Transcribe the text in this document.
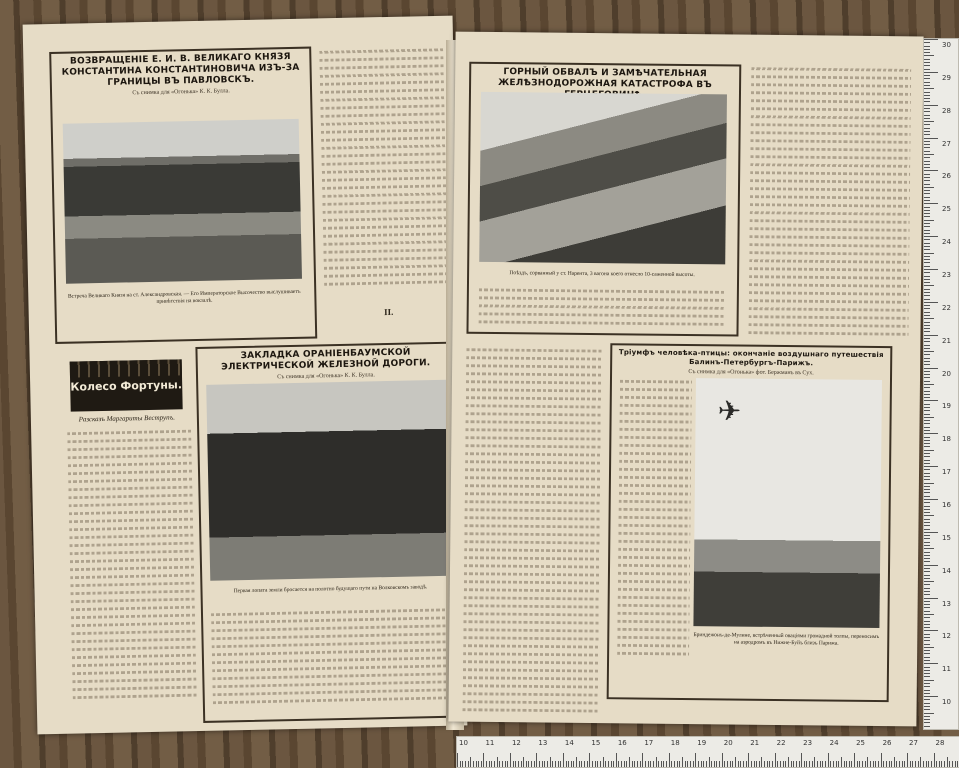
ВОЗВРАЩЕНІЕ Е. И. В. ВЕЛИКАГО КНЯЗЯ КОНСТАНТИНА КОНСТАНТИНОВИЧА ИЗЪ-ЗА ГРАНИЦЫ ВЪ ПАВЛОВСКЪ.
Съ снимка для «Огонька» К. К. Булла.
Встреча Великаго Князя на ст. Александровская. — Его Императорское Высочество выслушиваетъ привѣтствія на вокзалѣ.
II.
Колесо Фортуны.
Разсказъ Маргариты Веструпъ.
ЗАКЛАДКА ОРАНІЕНБАУМСКОЙ ЭЛЕКТРИЧЕСКОЙ ЖЕЛЕЗНОЙ ДОРОГИ.
Съ снимка для «Огонька» К. К. Булла.
Первая лопата земли бросается на полотно будущаго пути на Волковскомъ заводѣ.
ГОРНЫЙ ОБВАЛЪ И ЗАМѢЧАТЕЛЬНАЯ ЖЕЛѢЗНОДОРОЖНАЯ КАТАСТРОФА ВЪ
Поѣздъ, сорванный у ст. Нарента, 3 вагона коего отнесло 10-саженной высоты.
Тріумфъ человѣка-птицы: окончаніе воздушнаго путешествія Балинъ-Петербургъ-Парижъ.
Съ снимка для «Огонька» фот. Бержманъ въ Сух.
✈
Бриндежонъ-де-Мулине, встрѣченный овацiями громадной толпы, переносимъ на аэродромъ въ Нижне-Буйъ близъ Парижа.
30
29
28
27
26
25
24
23
22
21
20
19
18
17
16
15
14
13
12
11
10
10	11	12	13	14	15	16	17	18	19	20	21	22	23	24	25	26	27	28
